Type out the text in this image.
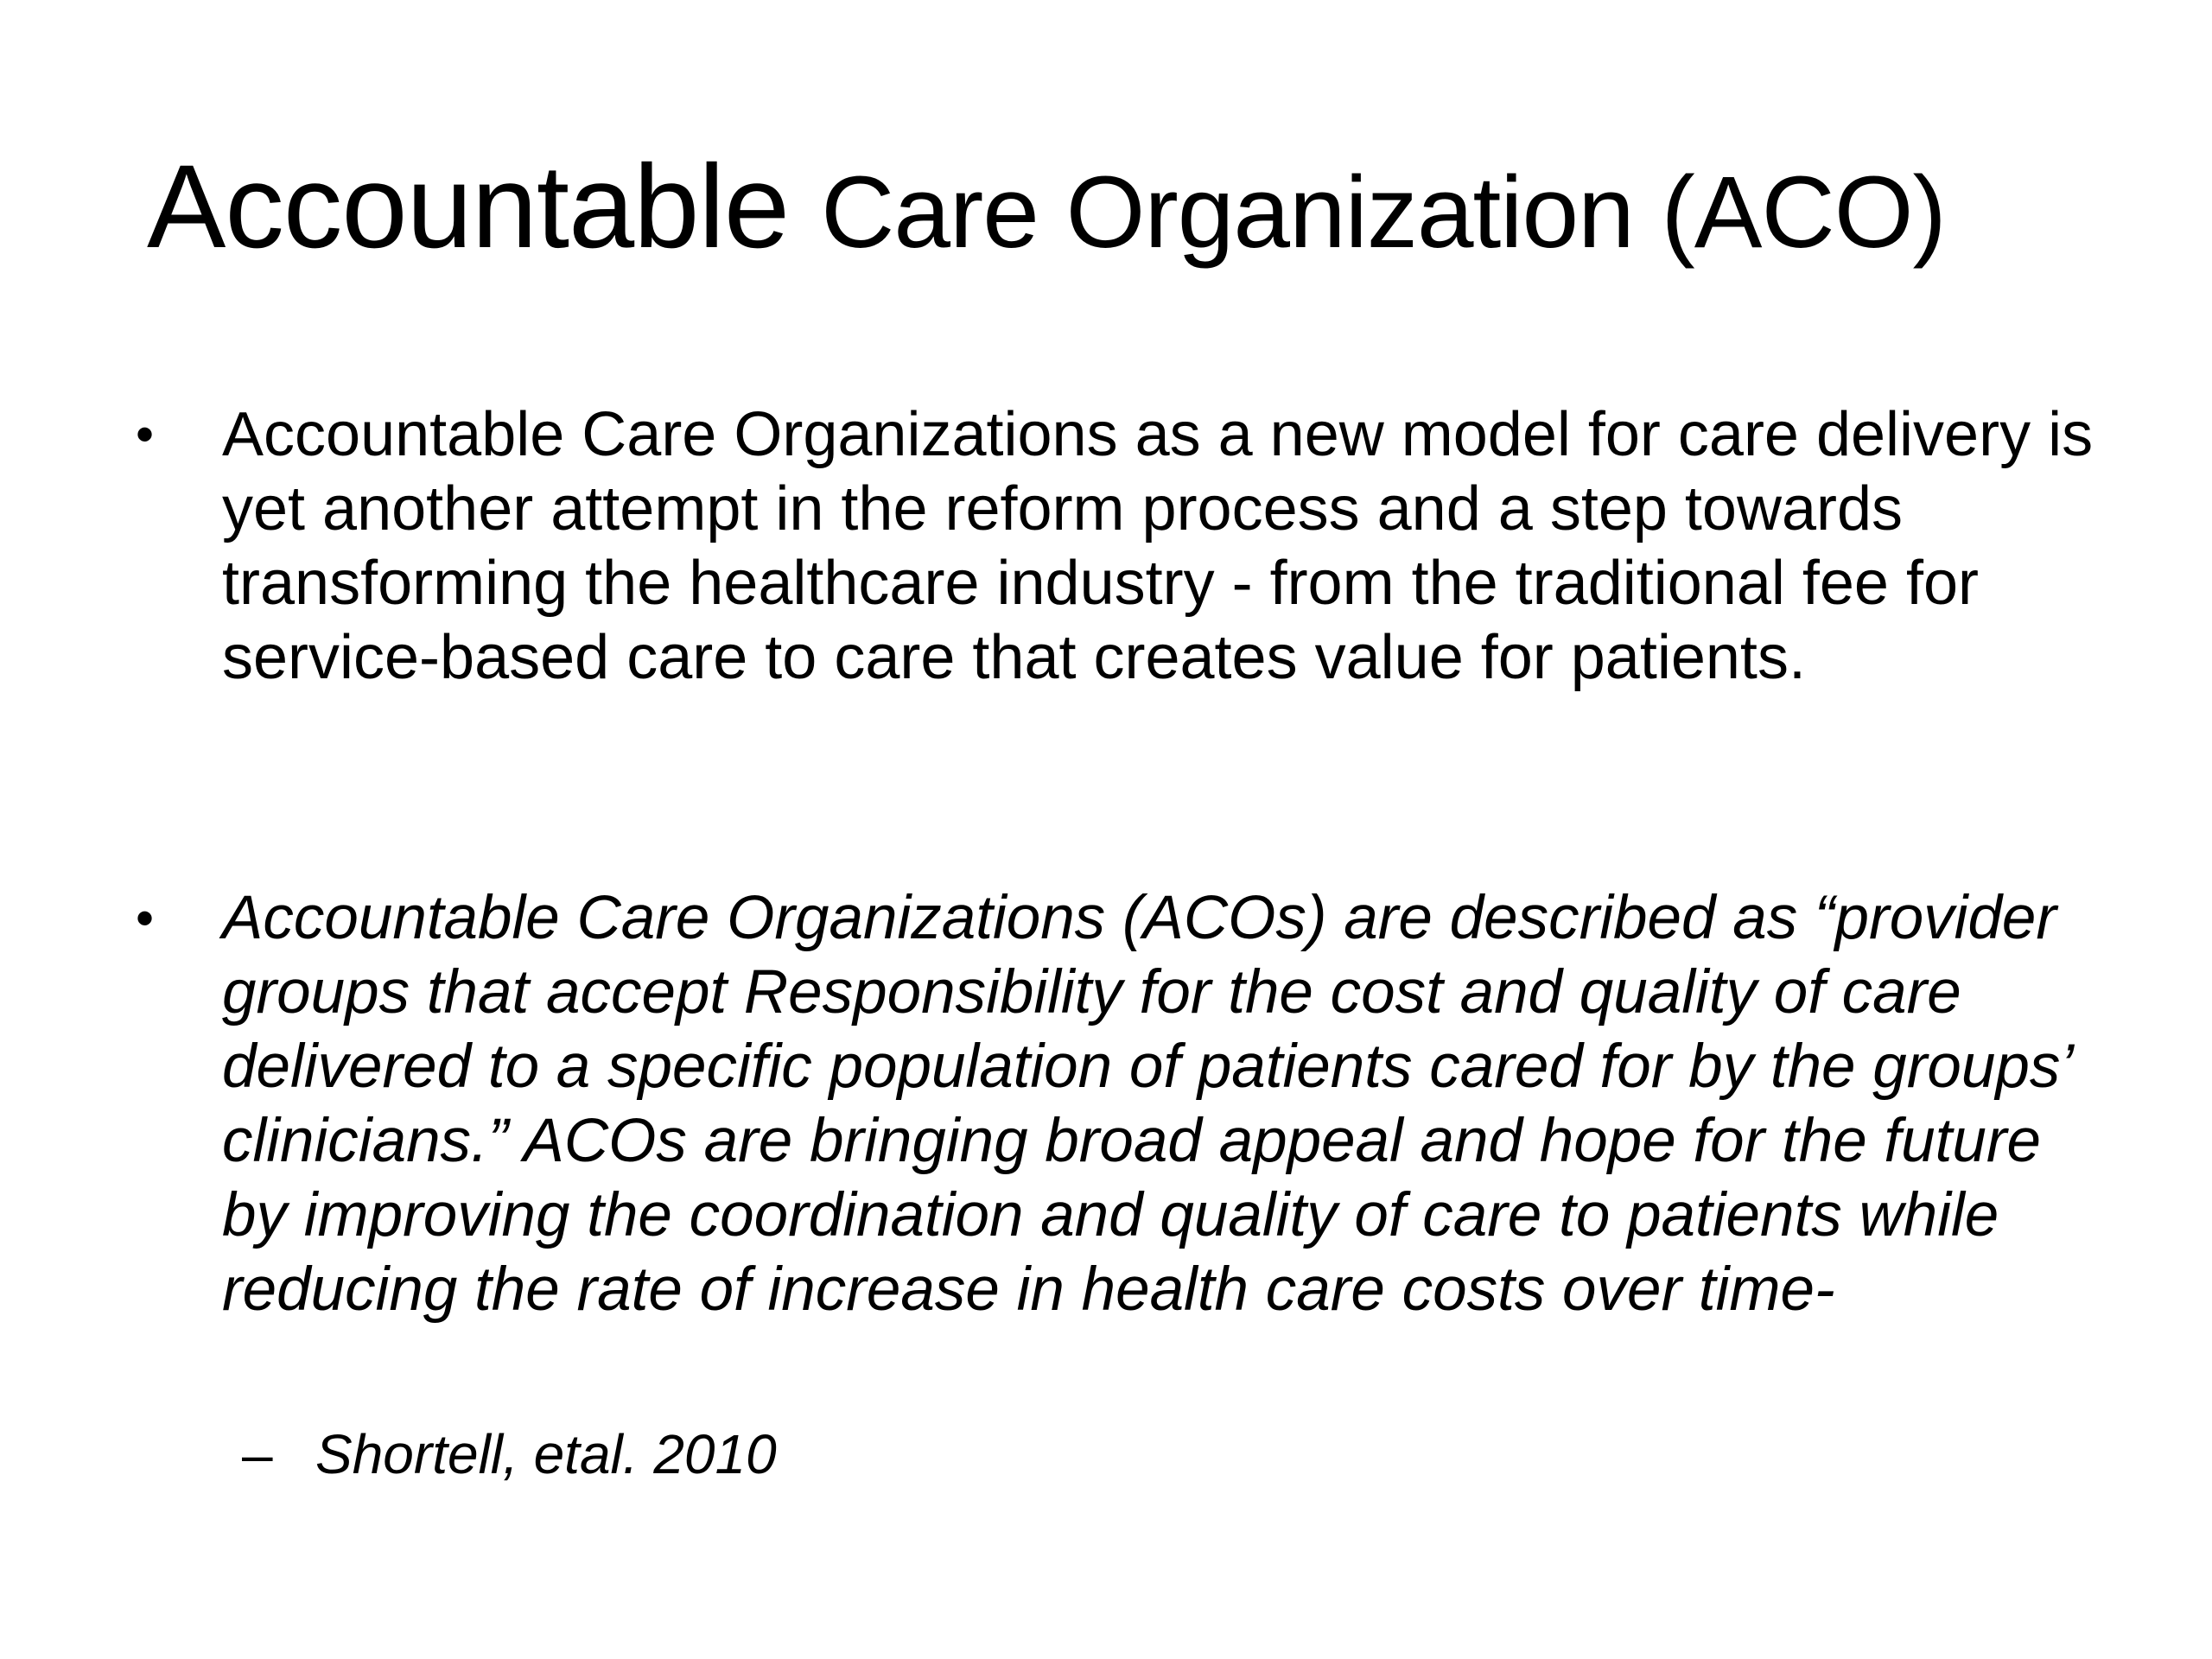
Accountable Care Organization (ACO)
•	Accountable Care Organizations as a new model for care delivery is yet another attempt in the reform process and a step towards transforming the healthcare industry - from the traditional fee for service-based care to care that creates value for patients.

•	Accountable Care Organizations (ACOs) are described as “provider groups that accept Responsibility for the cost and quality of care delivered to a specific population of patients cared for by the groups’ clinicians.” ACOs are bringing broad appeal and hope for the future by improving the coordination and quality of care to patients while reducing the rate of increase in health care costs over time-

– Shortell, etal. 2010
